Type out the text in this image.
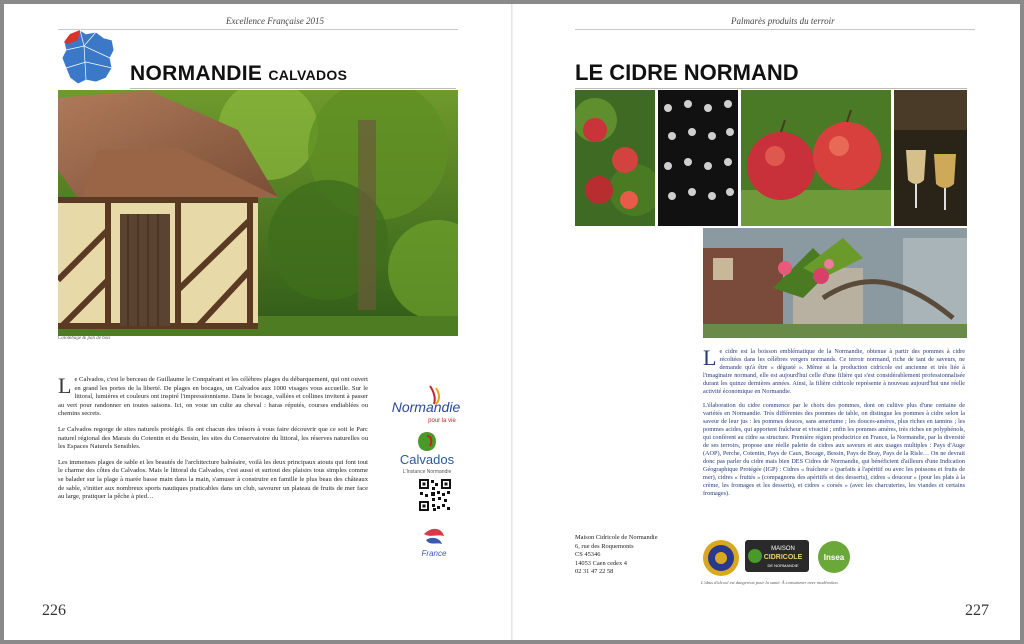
Excellence Française 2015
NORMANDIE CALVADOS
Colombage & pan de bois

Le Calvados, c'est le berceau de Guillaume le Conquérant et les célèbres plages du débarquement, qui ont ouvert en grand les portes de la liberté. De plages en bocages, un Calvados aux 1000 visages vous accueille. Sur le littoral, lumières et couleurs ont inspiré l'impressionnisme. Dans le bocage, vallées et collines invitent à passer au vert pour randonner en toutes saisons. Ici, on voue un culte au cheval : haras réputés, courses endiablées ou chemins secrets.

Le Calvados regorge de sites naturels protégés. Ils ont chacun des trésors à vous faire découvrir que ce soit le Parc naturel régional des Marais du Cotentin et du Bessin, les sites du Conservatoire du littoral, les réserves naturelles ou les Espaces Naturels Sensibles.

Les immenses plages de sable et les beautés de l'architecture balnéaire, voilà les deux principaux atouts qui font tout le charme des côtes du Calvados. Mais le littoral du Calvados, c'est aussi et surtout des plaisirs tous simples comme se balader sur la plage à marée basse main dans la main, s'amuser à construire en famille le plus beau des châteaux de sable, s'initier aux nombreux sports nautiques praticables dans un club, savourer un plateau de fruits de mer face au large, pratiquer la pêche à pied…

Normandie
pour la vie
Calvados
L'Instance Normandie
France
226
Palmarès produits du terroir
LE CIDRE NORMAND

Le cidre est la boisson emblématique de la Normandie, obtenue à partir des pommes à cidre récoltées dans les célèbres vergers normands. Ce terroir normand, riche de tant de saveurs, ne demande qu'à être « dégusté ». Même si la production cidricole est ancienne et très liée à l'imaginaire normand, elle est aujourd'hui celle d'une filière qui s'est considérablement professionnalisée durant les quinze dernières années. Ainsi, la filière cidricole représente à nouveau aujourd'hui une réelle activité économique en Normandie.

L'élaboration du cidre commence par le choix des pommes, dont on cultive plus d'une centaine de variétés en Normandie. Très différentes des pommes de table, on distingue les pommes à cidre selon la saveur de leur jus : les pommes douces, sans amertume ; les douces-amères, plus riches en tannins ; les pommes acides, qui apportent fraîcheur et vivacité ; enfin les pommes amères, très riches en polyphénols, qui confèrent au cidre sa structure. Première région productrice en France, la Normandie, par la diversité de ses terroirs, propose une réelle palette de cidres aux saveurs et aux usages multiples : Pays d'Auge (AOP), Perche, Cotentin, Pays de Caux, Bocage, Bessin, Pays de Bray, Pays de la Risle… On ne devrait donc pas parler du cidre mais bien DES Cidres de Normandie, qui bénéficient d'ailleurs d'une Indication Géographique Protégée (IGP) : Cidres « fraîcheur » (parfaits à l'apéritif ou avec les poissons et fruits de mer), cidres « fruités » (compagnons des apéritifs et des desserts), cidres « douceur » (pour les plats à la crème, les fromages et les desserts), et cidres « corsés » (avec les charcuteries, les viandes et certains fromages).

Maison Cidricole de Normandie
6, rue des Roquemonts
CS 45346
14053 Caen cedex 4
02 31 47 22 58
MAISON
CIDRICOLE
DE NORMANDIE
Insea
L'abus d'alcool est dangereux pour la santé. À consommer avec modération.
227
